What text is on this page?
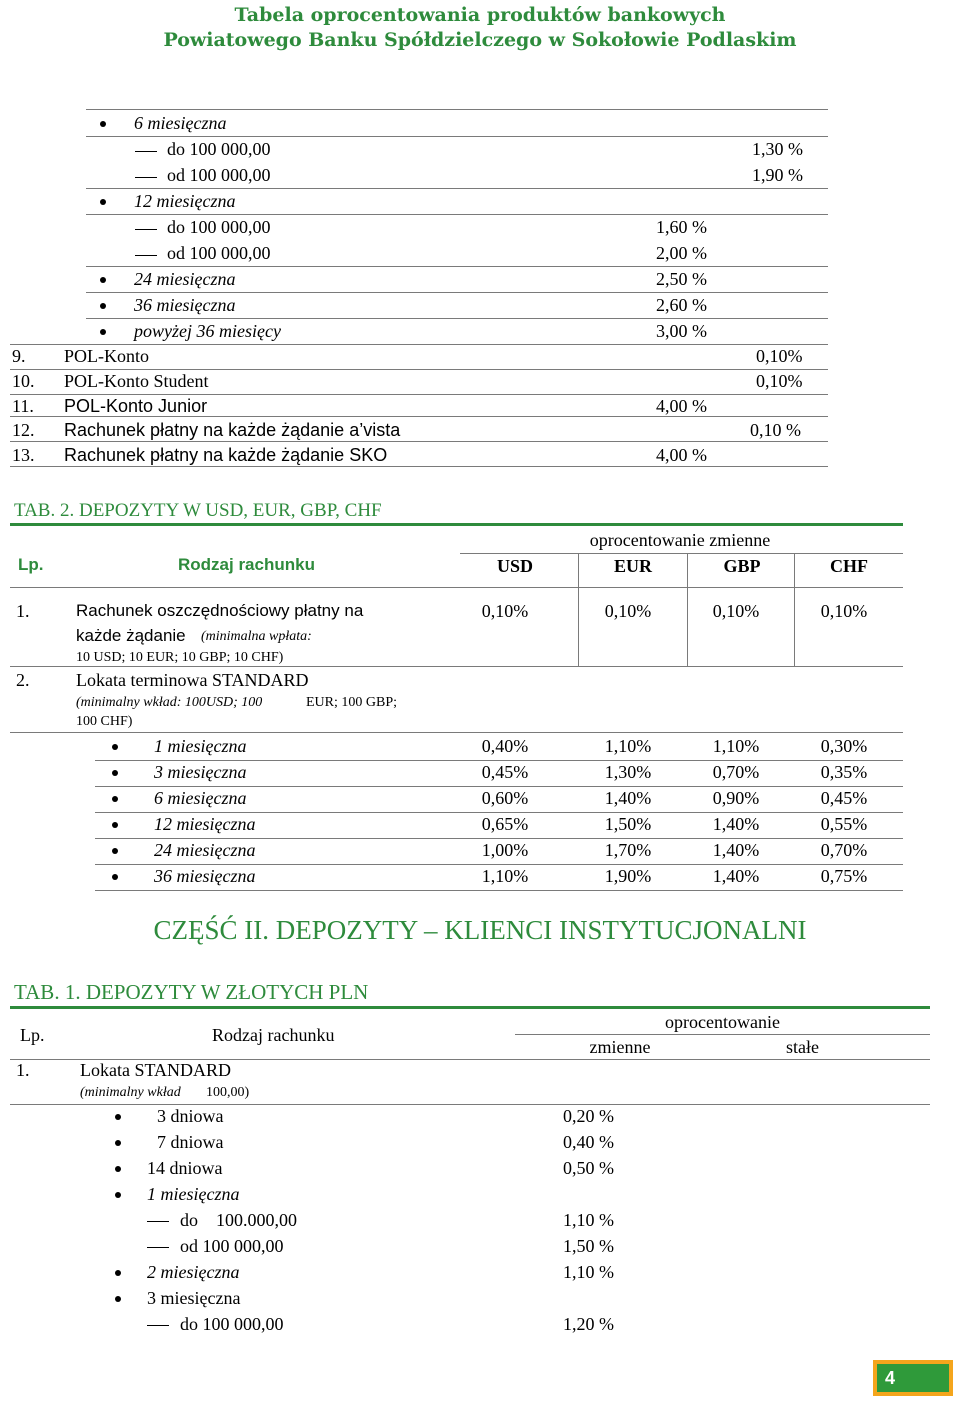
Tabela oprocentowania produktów bankowych
Powiatowego Banku Spółdzielczego w Sokołowie Podlaskim
6 miesięczna
do 100 000,00	1,30 %
od 100 000,00	1,90 %
12 miesięczna
do 100 000,00	1,60 %
od 100 000,00	2,00 %
24 miesięczna	2,50 %
36 miesięczna	2,60 %
powyżej 36 miesięcy	3,00 %
9. POL-Konto	0,10%
10. POL-Konto Student	0,10%
11. POL-Konto Junior	4,00 %
12. Rachunek płatny na każde żądanie a’vista	0,10 %
13. Rachunek płatny na każde żądanie SKO	4,00 %
TAB. 2. DEPOZYTY W USD, EUR, GBP, CHF
oprocentowanie zmienne
Lp.	Rodzaj rachunku	USD	EUR	GBP	CHF
1.	Rachunek oszczędnościowy płatny na
każde żądanie (minimalna wpłata:
10 USD; 10 EUR; 10 GBP; 10 CHF)
0,10%	0,10%	0,10%	0,10%
2.	Lokata terminowa STANDARD
(minimalny wkład: 100USD; 100	EUR; 100 GBP;
100 CHF)
1 miesięczna	0,40%	1,10%	1,10%	0,30%
3 miesięczna	0,45%	1,30%	0,70%	0,35%
6 miesięczna	0,60%	1,40%	0,90%	0,45%
12 miesięczna	0,65%	1,50%	1,40%	0,55%
24 miesięczna	1,00%	1,70%	1,40%	0,70%
36 miesięczna	1,10%	1,90%	1,40%	0,75%
CZĘŚĆ II. DEPOZYTY – KLIENCI INSTYTUCJONALNI
TAB. 1. DEPOZYTY W ZŁOTYCH PLN
Lp.	Rodzaj rachunku
oprocentowanie
zmienne	stałe
1.	Lokata STANDARD
(minimalny wkład 100,00)
3 dniowa	0,20 %
7 dniowa	0,40 %
14 dniowa	0,50 %
1 miesięczna
do 100.000,00	1,10 %
od 100 000,00	1,50 %
2 miesięczna	1,10 %
3 miesięczna
do 100 000,00	1,20 %
4
